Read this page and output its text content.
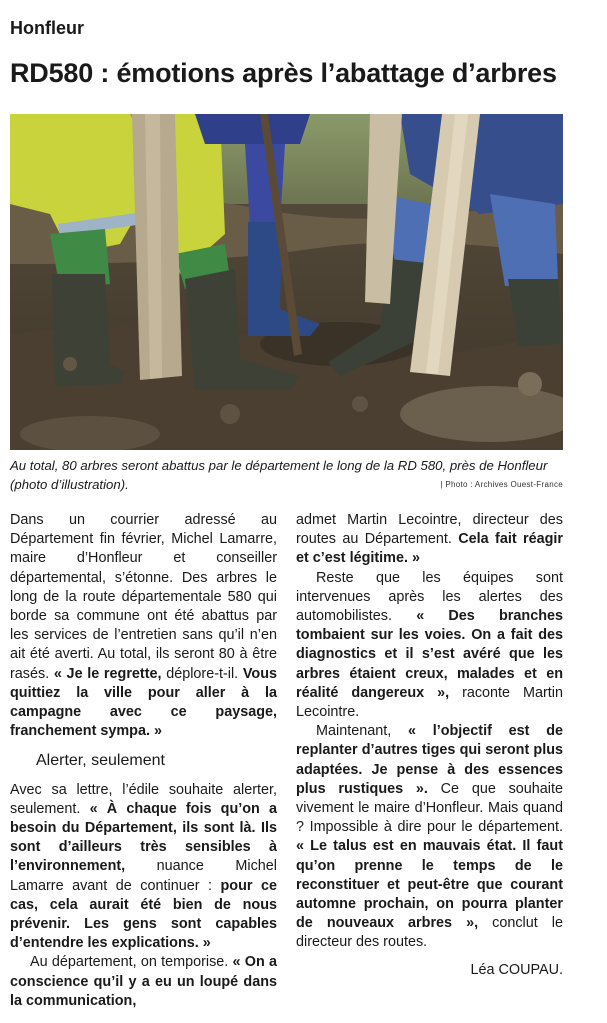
Honfleur
RD580 : émotions après l’abattage d’arbres
Au total, 80 arbres seront abattus par le département le long de la RD 580, près de Honfleur (photo d’illustration).	| Photo : Archives Ouest-France

Dans un courrier adressé au Département fin février, Michel Lamarre, maire d’Honfleur et conseiller départemental, s’étonne. Des arbres le long de la route départementale 580 qui borde sa commune ont été abattus par les services de l’entretien sans qu’il n’en ait été averti. Au total, ils seront 80 à être rasés. « Je le regrette, déplore-t-il. Vous quittiez la ville pour aller à la campagne avec ce paysage, franchement sympa. »

Alerter, seulement

Avec sa lettre, l’édile souhaite alerter, seulement. « À chaque fois qu’on a besoin du Département, ils sont là. Ils sont d’ailleurs très sensibles à l’environnement, nuance Michel Lamarre avant de continuer : pour ce cas, cela aurait été bien de nous prévenir. Les gens sont capables d’entendre les explications. »

Au département, on temporise. « On a conscience qu’il y a eu un loupé dans la communication,

admet Martin Lecointre, directeur des routes au Département. Cela fait réagir et c’est légitime. »

Reste que les équipes sont intervenues après les alertes des automobilistes. « Des branches tombaient sur les voies. On a fait des diagnostics et il s’est avéré que les arbres étaient creux, malades et en réalité dangereux », raconte Martin Lecointre.

Maintenant, « l’objectif est de replanter d’autres tiges qui seront plus adaptées. Je pense à des essences plus rustiques ». Ce que souhaite vivement le maire d’Honfleur. Mais quand ? Impossible à dire pour le département. « Le talus est en mauvais état. Il faut qu’on prenne le temps de le reconstituer et peut-être que courant automne prochain, on pourra planter de nouveaux arbres », conclut le directeur des routes.

Léa COUPAU.
